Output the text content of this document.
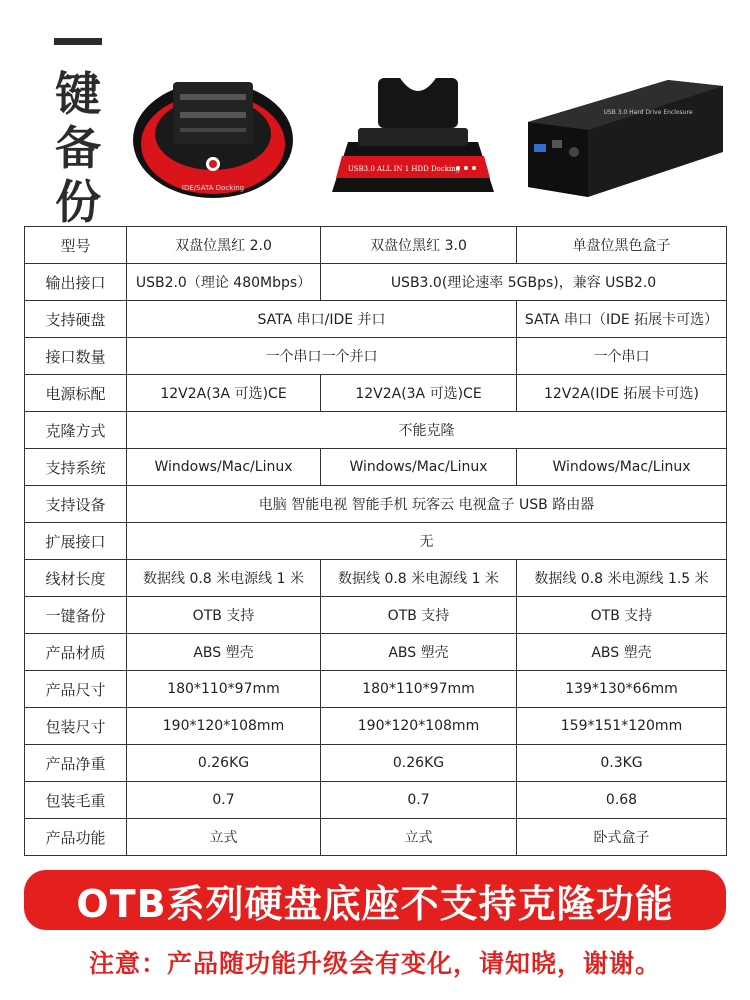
键
备
份	IDE/SATA Docking
USB3.0 ALL IN 1 HDD Docking
USB 3.0 Hard Drive Enclosure
型号	双盘位黑红 2.0	双盘位黑红 3.0	单盘位黑色盒子
输出接口	USB2.0（理论 480Mbps）	USB3.0(理论速率 5GBps)，兼容 USB2.0	
支持硬盘	SATA 串口/IDE 并口		SATA 串口（IDE 拓展卡可选）
接口数量	一个串口一个并口		一个串口
电源标配	12V2A(3A 可选)CE	12V2A(3A 可选)CE	12V2A(IDE 拓展卡可选)
克隆方式	不能克隆		
支持系统	Windows/Mac/Linux	Windows/Mac/Linux	Windows/Mac/Linux
支持设备	电脑 智能电视 智能手机 玩客云 电视盒子 USB 路由器		
扩展接口	无		
线材长度	数据线 0.8 米电源线 1 米	数据线 0.8 米电源线 1 米	数据线 0.8 米电源线 1.5 米
一键备份	OTB 支持	OTB 支持	OTB 支持
产品材质	ABS 塑壳	ABS 塑壳	ABS 塑壳
产品尺寸	180*110*97mm	180*110*97mm	139*130*66mm
包装尺寸	190*120*108mm	190*120*108mm	159*151*120mm
产品净重	0.26KG	0.26KG	0.3KG
包装毛重	0.7	0.7	0.68
产品功能	立式	立式	卧式盒子
OTB系列硬盘底座不支持克隆功能
注意：产品随功能升级会有变化，请知晓，谢谢。
